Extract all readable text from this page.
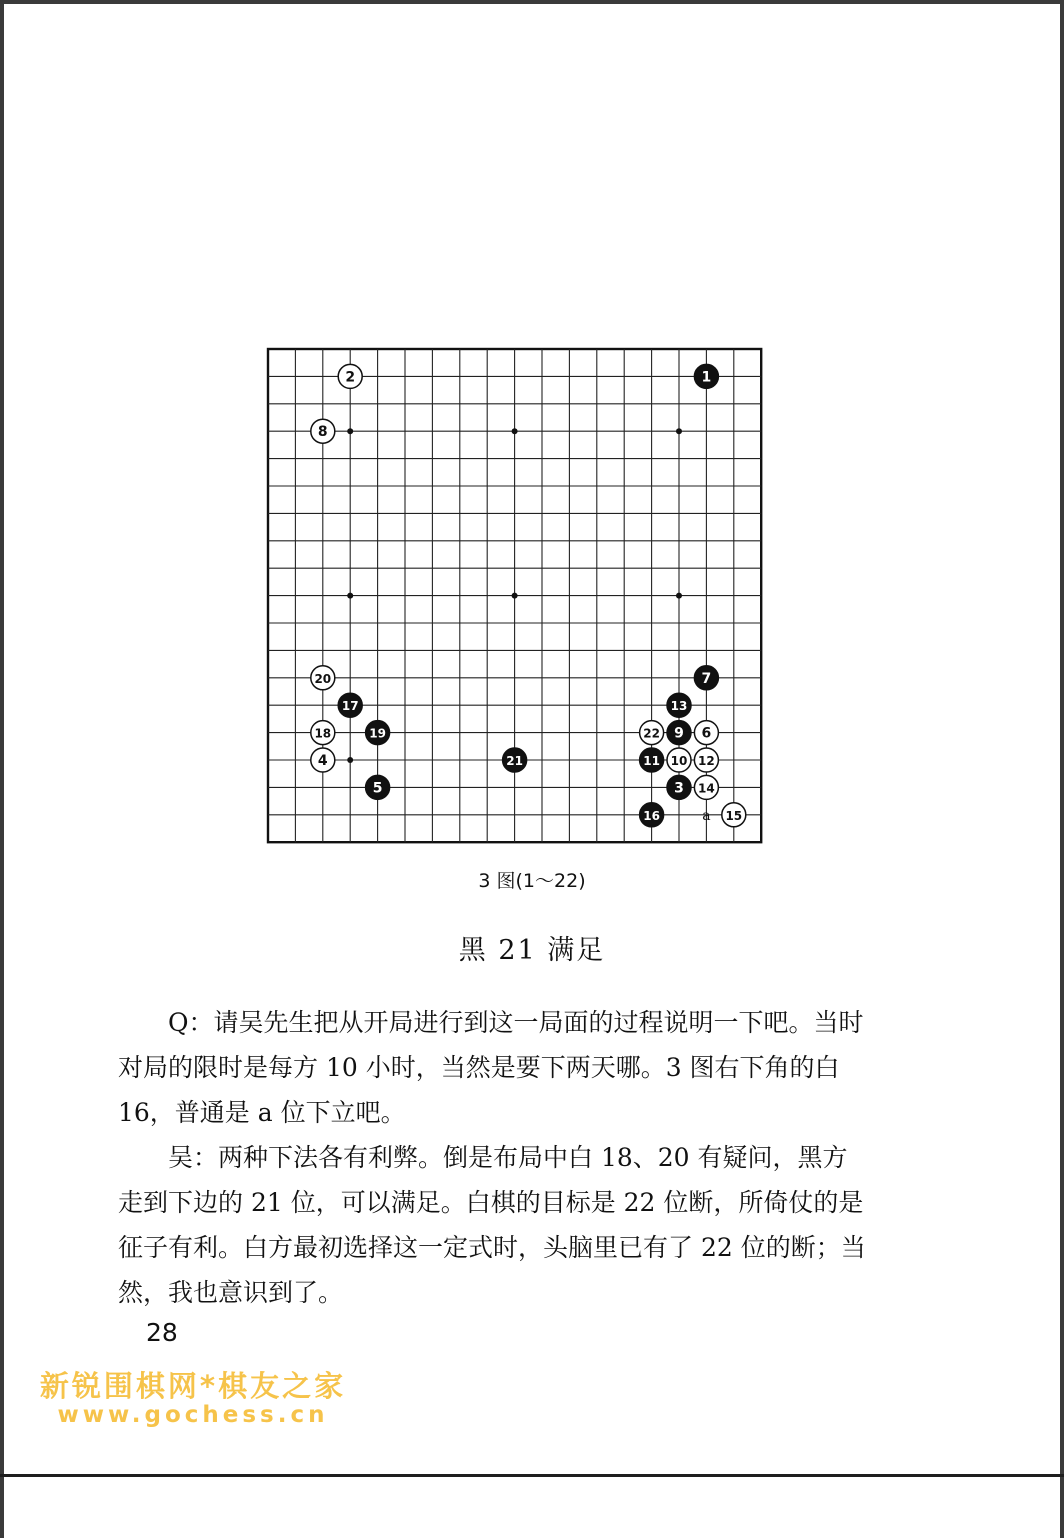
a
1
2
3
4
5
6
7
8
9
10
11	12
13
14
15
16
17
18	19
20
21
22
3 图(1～22)
黑 21 满足

Q：请吴先生把从开局进行到这一局面的过程说明一下吧。当时对局的限时是每方 10 小时，当然是要下两天哪。3 图右下角的白 16，普通是 a 位下立吧。

吴：两种下法各有利弊。倒是布局中白 18、20 有疑问，黑方走到下边的 21 位，可以满足。白棋的目标是 22 位断，所倚仗的是征子有利。白方最初选择这一定式时，头脑里已有了 22 位的断；当然，我也意识到了。

28
新锐围棋网*棋友之家
www.gochess.cn
